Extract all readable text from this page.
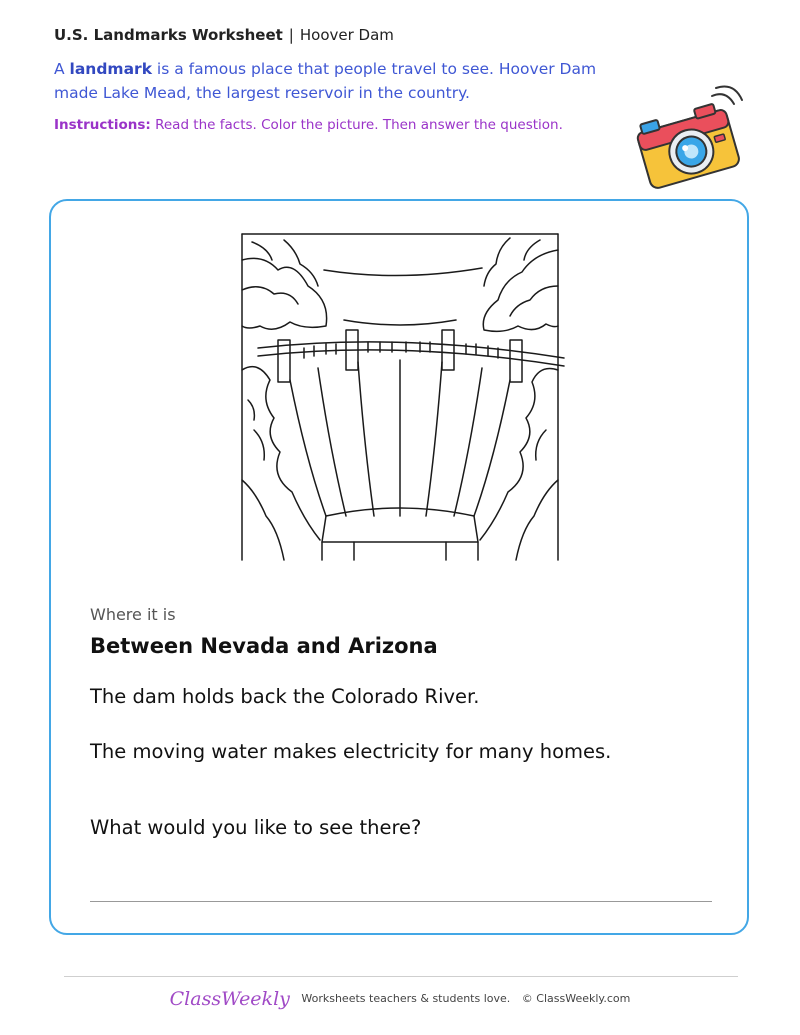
U.S. Landmarks Worksheet | Hoover Dam
A landmark is a famous place that people travel to see. Hoover Dam
made Lake Mead, the largest reservoir in the country.
Instructions: Read the facts. Color the picture. Then answer the question.
Where it is
Between Nevada and Arizona
The dam holds back the Colorado River.
The moving water makes electricity for many homes.
What would you like to see there?
ClassWeekly Worksheets teachers & students love. © ClassWeekly.com
